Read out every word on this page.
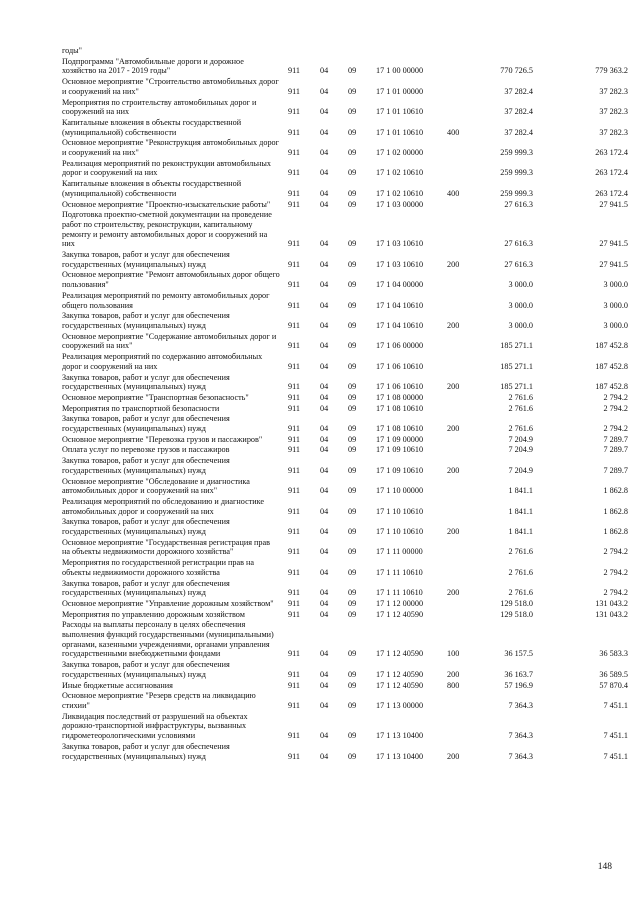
годы"
Подпрограмма "Автомобильные дороги и дорожное хозяйство на 2017 - 2019 годы"	911 04 09 17 1 00 00000	770 726.5	779 363.2
Основное мероприятие "Строительство автомобильных дорог и сооружений на них"	911 04 09 17 1 01 00000	37 282.4	37 282.3
Мероприятия по строительству автомобильных дорог и сооружений на них	911 04 09 17 1 01 10610	37 282.4	37 282.3
Капитальные вложения в объекты государственной (муниципальной) собственности	911 04 09 17 1 01 10610	400	37 282.4	37 282.3
Основное мероприятие "Реконструкция автомобильных дорог и сооружений на них"	911 04 09 17 1 02 00000	259 999.3	263 172.4
Реализация мероприятий по реконструкции автомобильных дорог и сооружений на них	911 04 09 17 1 02 10610	259 999.3	263 172.4
Капитальные вложения в объекты государственной (муниципальной) собственности	911 04 09 17 1 02 10610	400	259 999.3	263 172.4
Основное мероприятие "Проектно-изыскательские работы"	911 04 09 17 1 03 00000	27 616.3	27 941.5
Подготовка проектно-сметной документации на проведение работ по строительству, реконструкции, капитальному ремонту и ремонту автомобильных дорог и сооружений на них	911 04 09 17 1 03 10610	27 616.3	27 941.5
Закупка товаров, работ и услуг для обеспечения государственных (муниципальных) нужд	911 04 09 17 1 03 10610	200	27 616.3	27 941.5
Основное мероприятие "Ремонт автомобильных дорог общего пользования"	911 04 09 17 1 04 00000	3 000.0	3 000.0
Реализация мероприятий по ремонту автомобильных дорог общего пользования	911 04 09 17 1 04 10610	3 000.0	3 000.0
Закупка товаров, работ и услуг для обеспечения государственных (муниципальных) нужд	911 04 09 17 1 04 10610	200	3 000.0	3 000.0
Основное мероприятие "Содержание автомобильных дорог и сооружений на них"	911 04 09 17 1 06 00000	185 271.1	187 452.8
Реализация мероприятий по содержанию автомобильных дорог и сооружений на них	911 04 09 17 1 06 10610	185 271.1	187 452.8
Закупка товаров, работ и услуг для обеспечения государственных (муниципальных) нужд	911 04 09 17 1 06 10610	200	185 271.1	187 452.8
Основное мероприятие "Транспортная безопасность"	911 04 09 17 1 08 00000	2 761.6	2 794.2
Мероприятия по транспортной безопасности	911 04 09 17 1 08 10610	2 761.6	2 794.2
Закупка товаров, работ и услуг для обеспечения государственных (муниципальных) нужд	911 04 09 17 1 08 10610	200	2 761.6	2 794.2
Основное мероприятие "Перевозка грузов и пассажиров"	911 04 09 17 1 09 00000	7 204.9	7 289.7
Оплата услуг по перевозке грузов и пассажиров	911 04 09 17 1 09 10610	7 204.9	7 289.7
Закупка товаров, работ и услуг для обеспечения государственных (муниципальных) нужд	911 04 09 17 1 09 10610	200	7 204.9	7 289.7
Основное мероприятие "Обследование и диагностика автомобильных дорог и сооружений на них"	911 04 09 17 1 10 00000	1 841.1	1 862.8
Реализация мероприятий по обследованию и диагностике автомобильных дорог и сооружений на них	911 04 09 17 1 10 10610	1 841.1	1 862.8
Закупка товаров, работ и услуг для обеспечения государственных (муниципальных) нужд	911 04 09 17 1 10 10610	200	1 841.1	1 862.8
Основное мероприятие "Государственная регистрация прав на объекты недвижимости дорожного хозяйства"	911 04 09 17 1 11 00000	2 761.6	2 794.2
Мероприятия по государственной регистрации прав на объекты недвижимости дорожного хозяйства	911 04 09 17 1 11 10610	2 761.6	2 794.2
Закупка товаров, работ и услуг для обеспечения государственных (муниципальных) нужд	911 04 09 17 1 11 10610	200	2 761.6	2 794.2
Основное мероприятие "Управление дорожным хозяйством"	911 04 09 17 1 12 00000	129 518.0	131 043.2
Мероприятия по управлению дорожным хозяйством	911 04 09 17 1 12 40590	129 518.0	131 043.2
Расходы на выплаты персоналу в целях обеспечения выполнения функций государственными (муниципальными) органами, казенными учреждениями, органами управления государственными внебюджетными фондами	911 04 09 17 1 12 40590	100	36 157.5	36 583.3
Закупка товаров, работ и услуг для обеспечения государственных (муниципальных) нужд	911 04 09 17 1 12 40590	200	36 163.7	36 589.5
Иные бюджетные ассигнования	911 04 09 17 1 12 40590	800	57 196.9	57 870.4
Основное мероприятие "Резерв средств на ликвидацию стихии"	911 04 09 17 1 13 00000	7 364.3	7 451.1
Ликвидация последствий от разрушений на объектах дорожно-транспортной инфраструктуры, вызванных гидрометеорологическими условиями	911 04 09 17 1 13 10400	7 364.3	7 451.1
Закупка товаров, работ и услуг для обеспечения государственных (муниципальных) нужд	911 04 09 17 1 13 10400	200	7 364.3	7 451.1
148
